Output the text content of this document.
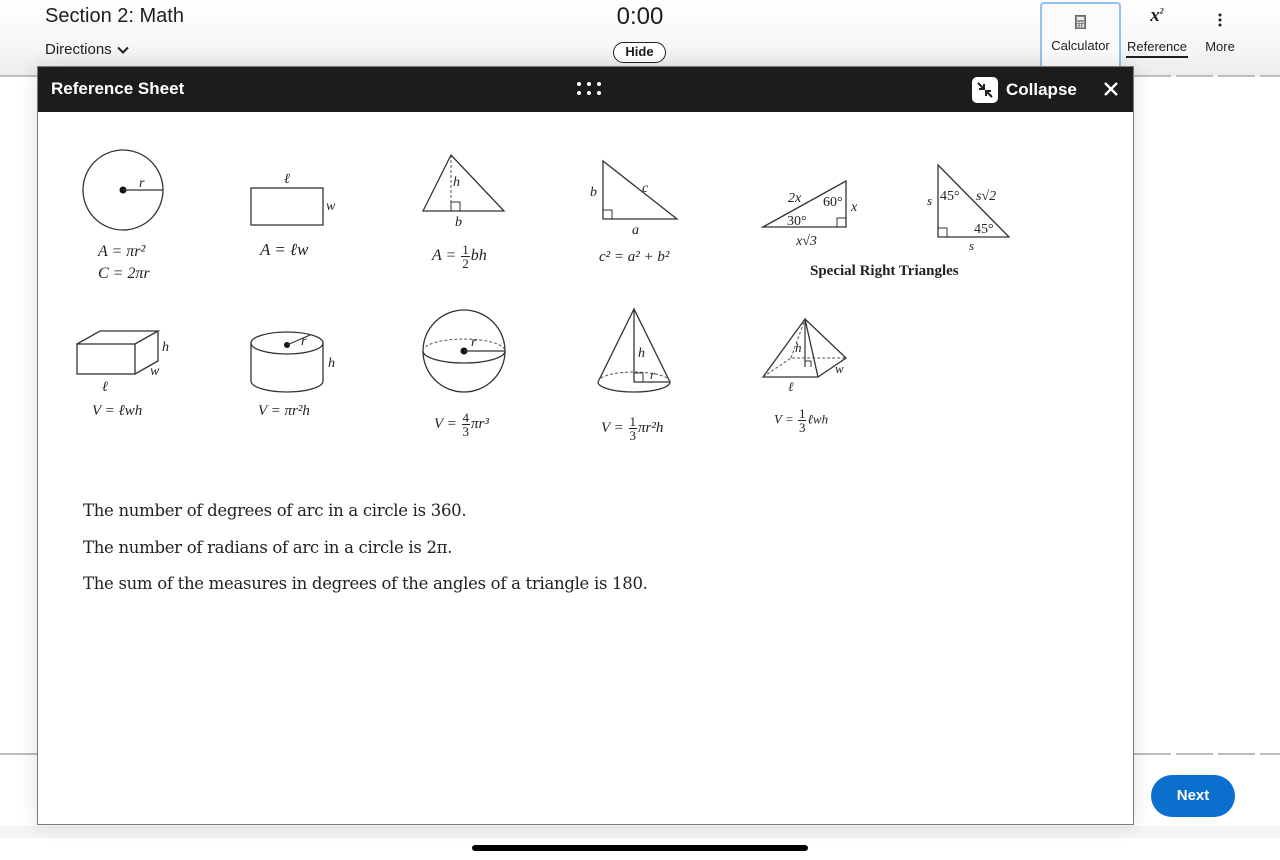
Section 2: Math
Directions
0:00
Hide	Calculator
$x^2$
Reference	More
Reference Sheet	Collapse
r
A = πr²
C = 2πr
ℓ
w
A = ℓw
h
b
$A = \frac{1}{2}$ bh
b	c
a
c² = a² + b²
2x 60° x
30°
x√3
s 45° s√2
45°
s
Special Right Triangles
h
w
ℓ
V = ℓwh
r
h
V = πr²h
r
$V = \frac{4}{3} \pi r^3$
h
r
$V = \frac{1}{3} \pi r^2h$
h
w
ℓ
$V = \frac{1}{3}$ ℓwh
The number of degrees of arc in a circle is 360.
The number of radians of arc in a circle is 2π.
The sum of the measures in degrees of the angles of a triangle is 180.
Next
